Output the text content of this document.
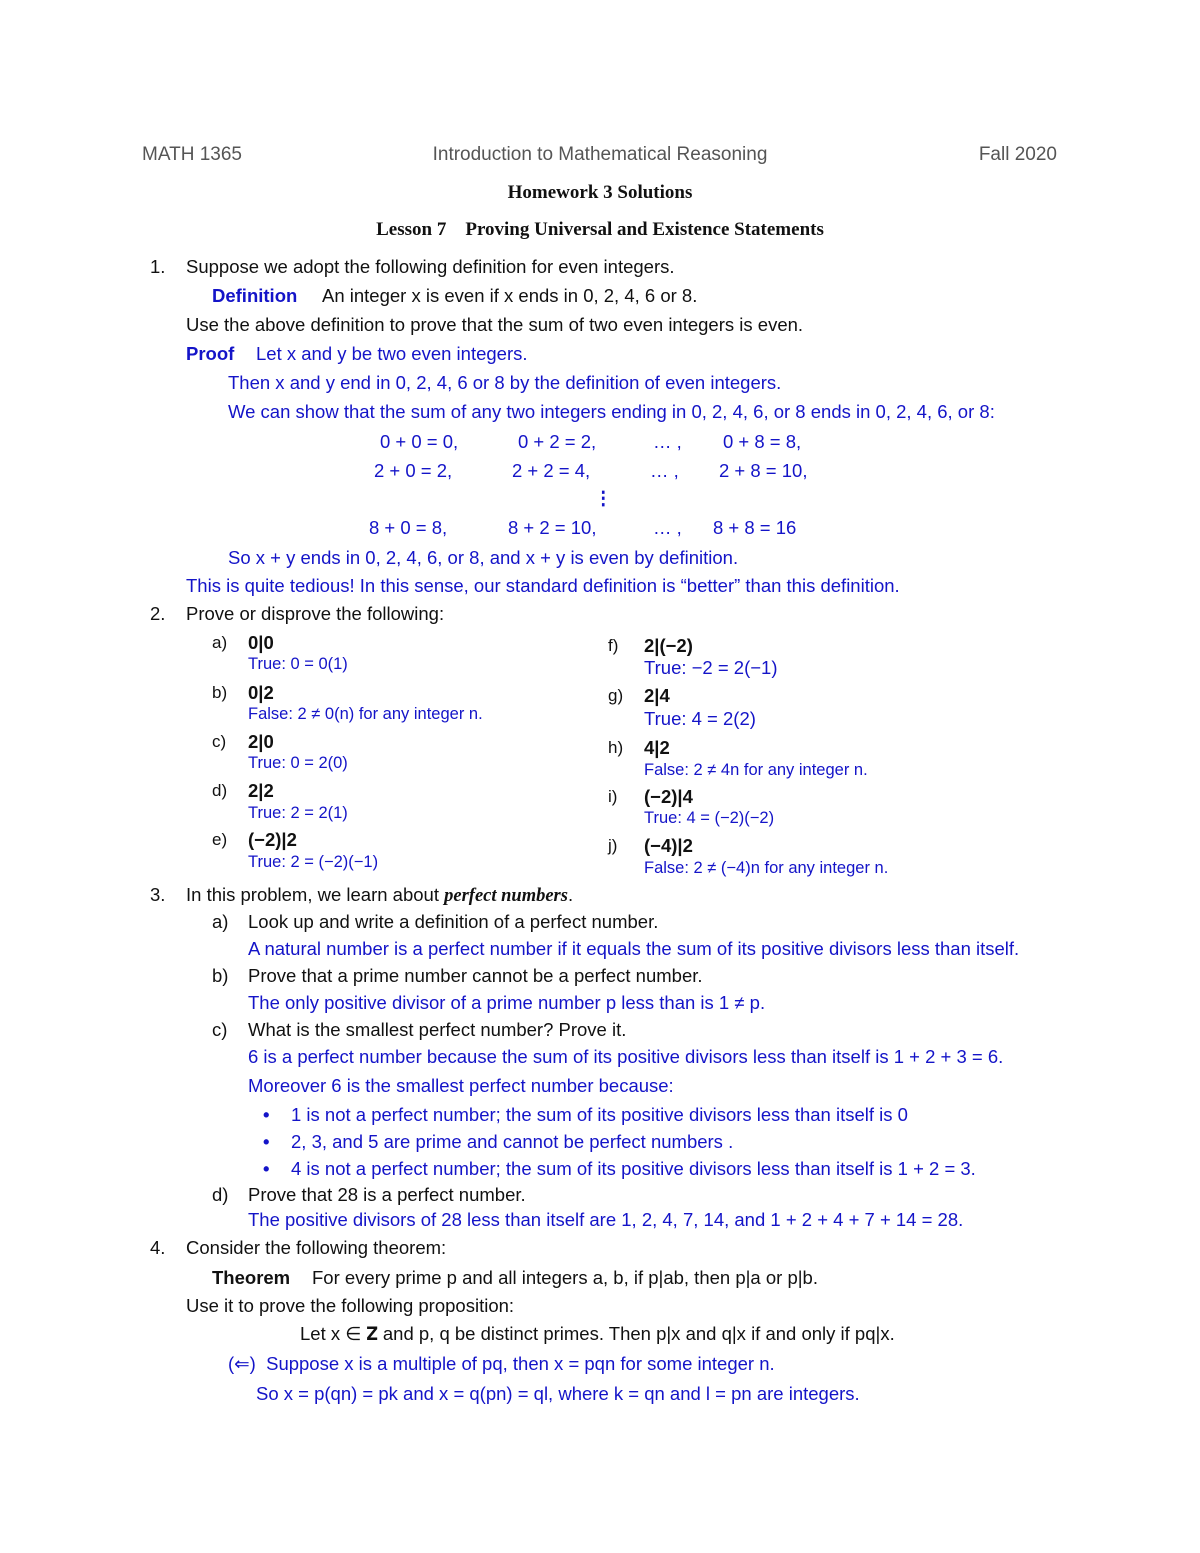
MATH 1365	Introduction to Mathematical Reasoning	Fall 2020
Homework 3 Solutions
Lesson 7    Proving Universal and Existence Statements
1. Suppose we adopt the following definition for even integers.
Definition An integer x is even if x ends in 0, 2, 4, 6 or 8.
Use the above definition to prove that the sum of two even integers is even.
Proof Let x and y be two even integers.
Then x and y end in 0, 2, 4, 6 or 8 by the definition of even integers.
We can show that the sum of any two integers ending in 0, 2, 4, 6, or 8 ends in 0, 2, 4, 6, or 8:
0 + 0 = 0,	0 + 2 = 2,	… , 0 + 8 = 8,
2 + 0 = 2,	2 + 2 = 4,	… , 2 + 8 = 10,
⋮
8 + 0 = 8,	8 + 2 = 10,	… , 8 + 8 = 16
So x + y ends in 0, 2, 4, 6, or 8, and x + y is even by definition.
This is quite tedious! In this sense, our standard definition is “better” than this definition.
2. Prove or disprove the following:
a) 0|0
True: 0 = 0(1)
b) 0|2
False: 2 ≠ 0(n) for any integer n.
c) 2|0
True: 0 = 2(0)
d) 2|2
True: 2 = 2(1)
e) (−2)|2
True: 2 = (−2)(−1)
f) 2|(−2)
True: −2 = 2(−1)
g) 2|4
True: 4 = 2(2)
h) 4|2
False: 2 ≠ 4n for any integer n.
i) (−2)|4
True: 4 = (−2)(−2)
j) (−4)|2
False: 2 ≠ (−4)n for any integer n.
3. In this problem, we learn about perfect numbers.
a) Look up and write a definition of a perfect number.
A natural number is a perfect number if it equals the sum of its positive divisors less than itself.
b) Prove that a prime number cannot be a perfect number.
The only positive divisor of a prime number p less than is 1 ≠ p.
c) What is the smallest perfect number? Prove it.
6 is a perfect number because the sum of its positive divisors less than itself is 1 + 2 + 3 = 6.
Moreover 6 is the smallest perfect number because:
• 1 is not a perfect number; the sum of its positive divisors less than itself is 0
• 2, 3, and 5 are prime and cannot be perfect numbers .
• 4 is not a perfect number; the sum of its positive divisors less than itself is 1 + 2 = 3.
d) Prove that 28 is a perfect number.
The positive divisors of 28 less than itself are 1, 2, 4, 7, 14, and 1 + 2 + 4 + 7 + 14 = 28.
4. Consider the following theorem:
Theorem For every prime p and all integers a, b, if p|ab, then p|a or p|b.
Use it to prove the following proposition:
Let x ∈ 𝐙 and p, q be distinct primes. Then p|x and q|x if and only if pq|x.
(⇐)  Suppose x is a multiple of pq, then x = pqn for some integer n.
So x = p(qn) = pk and x = q(pn) = ql, where k = qn and l = pn are integers.
